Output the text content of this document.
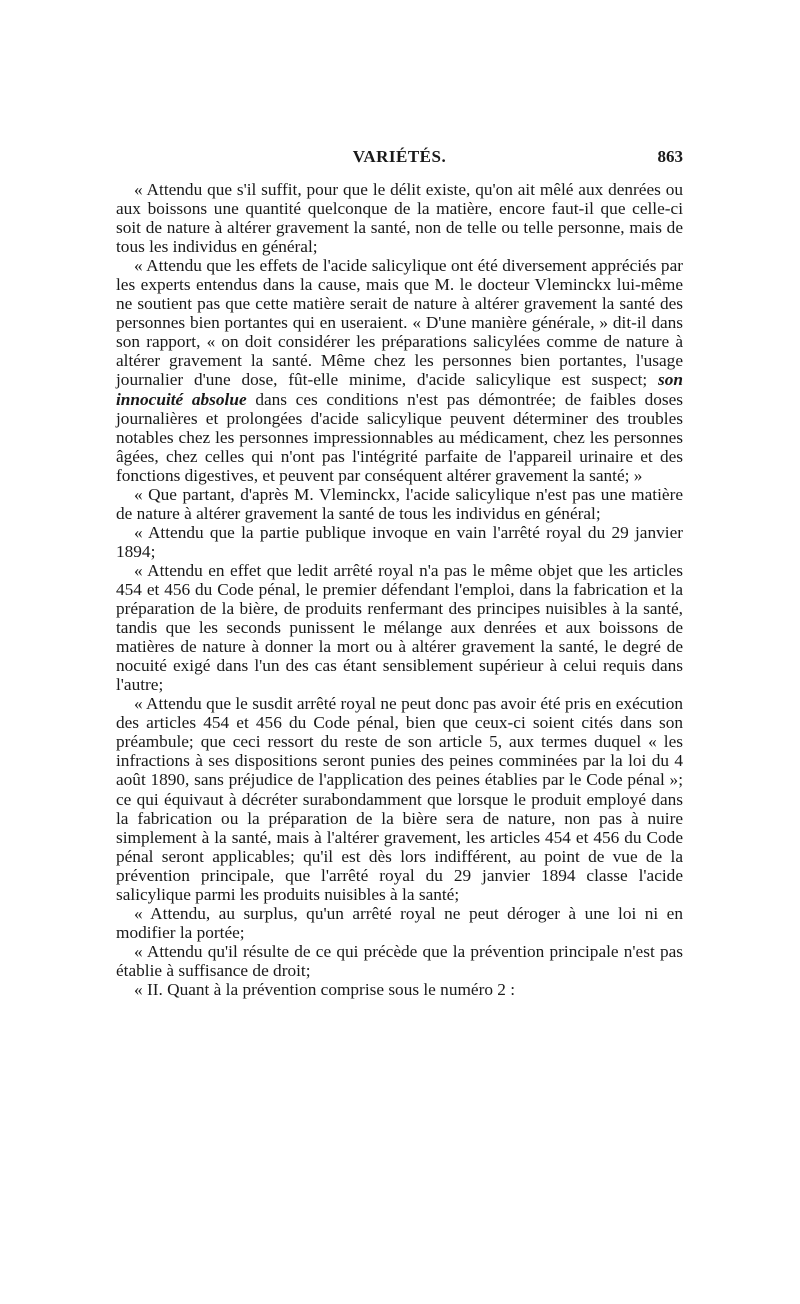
VARIÉTÉS.	863

« Attendu que s'il suffit, pour que le délit existe, qu'on ait mêlé aux denrées ou aux boissons une quantité quelconque de la matière, encore faut-il que celle-ci soit de nature à altérer gravement la santé, non de telle ou telle personne, mais de tous les individus en général;

« Attendu que les effets de l'acide salicylique ont été diversement appréciés par les experts entendus dans la cause, mais que M. le docteur Vleminckx lui-même ne soutient pas que cette matière serait de nature à altérer gravement la santé des personnes bien portantes qui en useraient. « D'une manière générale, » dit-il dans son rapport, « on doit considérer les préparations salicylées comme de nature à altérer gravement la santé. Même chez les personnes bien portantes, l'usage journalier d'une dose, fût-elle minime, d'acide salicylique est suspect; son innocuité absolue dans ces conditions n'est pas démontrée; de faibles doses journalières et prolongées d'acide salicylique peuvent déterminer des troubles notables chez les personnes impressionnables au médicament, chez les personnes âgées, chez celles qui n'ont pas l'intégrité parfaite de l'appareil urinaire et des fonctions digestives, et peuvent par conséquent altérer gravement la santé; »

« Que partant, d'après M. Vleminckx, l'acide salicylique n'est pas une matière de nature à altérer gravement la santé de tous les individus en général;

« Attendu que la partie publique invoque en vain l'arrêté royal du 29 janvier 1894;

« Attendu en effet que ledit arrêté royal n'a pas le même objet que les articles 454 et 456 du Code pénal, le premier défendant l'emploi, dans la fabrication et la préparation de la bière, de produits renfermant des principes nuisibles à la santé, tandis que les seconds punissent le mélange aux denrées et aux boissons de matières de nature à donner la mort ou à altérer gravement la santé, le degré de nocuité exigé dans l'un des cas étant sensiblement supérieur à celui requis dans l'autre;

« Attendu que le susdit arrêté royal ne peut donc pas avoir été pris en exécution des articles 454 et 456 du Code pénal, bien que ceux-ci soient cités dans son préambule; que ceci ressort du reste de son article 5, aux termes duquel « les infractions à ses dispositions seront punies des peines comminées par la loi du 4 août 1890, sans préjudice de l'application des peines établies par le Code pénal »; ce qui équivaut à décréter surabondamment que lorsque le produit employé dans la fabrication ou la préparation de la bière sera de nature, non pas à nuire simplement à la santé, mais à l'altérer gravement, les articles 454 et 456 du Code pénal seront applicables; qu'il est dès lors indifférent, au point de vue de la prévention principale, que l'arrêté royal du 29 janvier 1894 classe l'acide salicylique parmi les produits nuisibles à la santé;

« Attendu, au surplus, qu'un arrêté royal ne peut déroger à une loi ni en modifier la portée;

« Attendu qu'il résulte de ce qui précède que la prévention principale n'est pas établie à suffisance de droit;

« II. Quant à la prévention comprise sous le numéro 2 :
